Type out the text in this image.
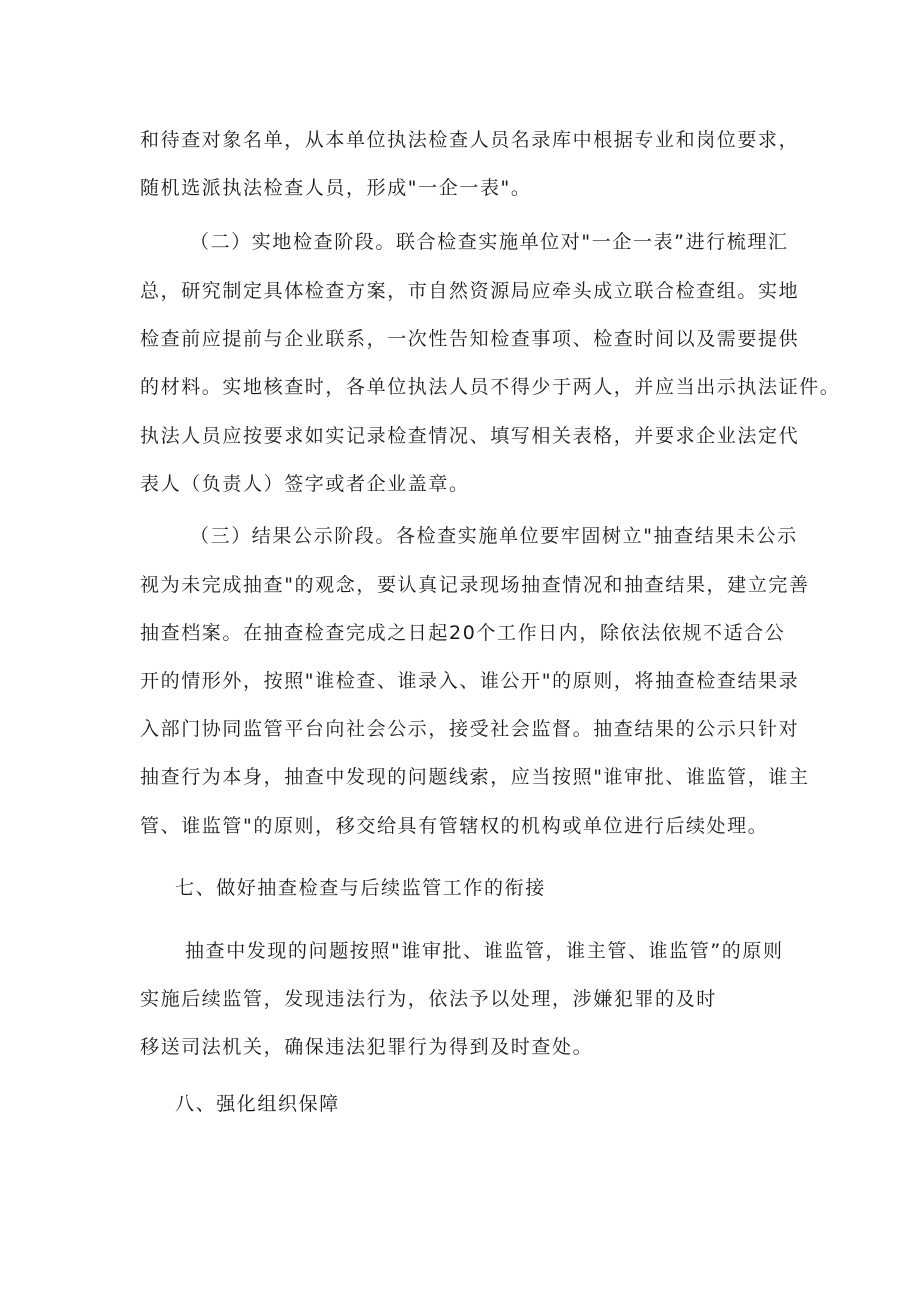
和待查对象名单，从本单位执法检查人员名录库中根据专业和岗位要求，
随机选派执法检查人员，形成"一企一表"。
（二）实地检查阶段。联合检查实施单位对"一企一表”进行梳理汇
总，研究制定具体检查方案，市自然资源局应牵头成立联合检查组。实地
检查前应提前与企业联系，一次性告知检查事项、检查时间以及需要提供
的材料。实地核查时，各单位执法人员不得少于两人，并应当出示执法证件。
执法人员应按要求如实记录检查情况、填写相关表格，并要求企业法定代
表人（负责人）签字或者企业盖章。
（三）结果公示阶段。各检查实施单位要牢固树立"抽查结果未公示
视为未完成抽查"的观念，要认真记录现场抽查情况和抽查结果，建立完善
抽查档案。在抽查检查完成之日起20个工作日内，除依法依规不适合公
开的情形外，按照"谁检查、谁录入、谁公开"的原则，将抽查检查结果录
入部门协同监管平台向社会公示，接受社会监督。抽查结果的公示只针对
抽查行为本身，抽查中发现的问题线索，应当按照"谁审批、谁监管，谁主
管、谁监管"的原则，移交给具有管辖权的机构或单位进行后续处理。
七、做好抽查检查与后续监管工作的衔接
抽查中发现的问题按照"谁审批、谁监管，谁主管、谁监管”的原则
实施后续监管，发现违法行为，依法予以处理，涉嫌犯罪的及时
移送司法机关，确保违法犯罪行为得到及时查处。
八、强化组织保障
